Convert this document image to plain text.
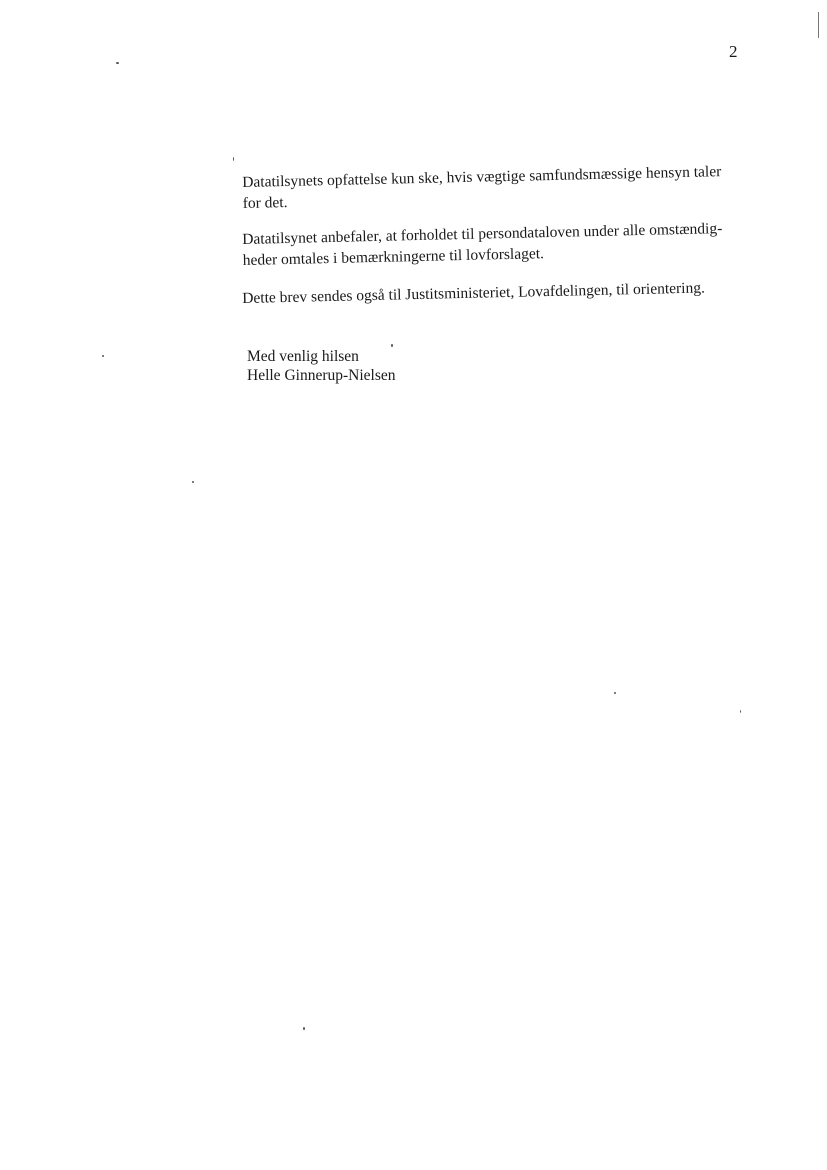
2

Datatilsynets opfattelse kun ske, hvis vægtige samfundsmæssige hensyn taler
for det.

Datatilsynet anbefaler, at forholdet til persondataloven under alle omstændig-
heder omtales i bemærkningerne til lovforslaget.

Dette brev sendes også til Justitsministeriet, Lovafdelingen, til orientering.

Med venlig hilsen
Helle Ginnerup-Nielsen
